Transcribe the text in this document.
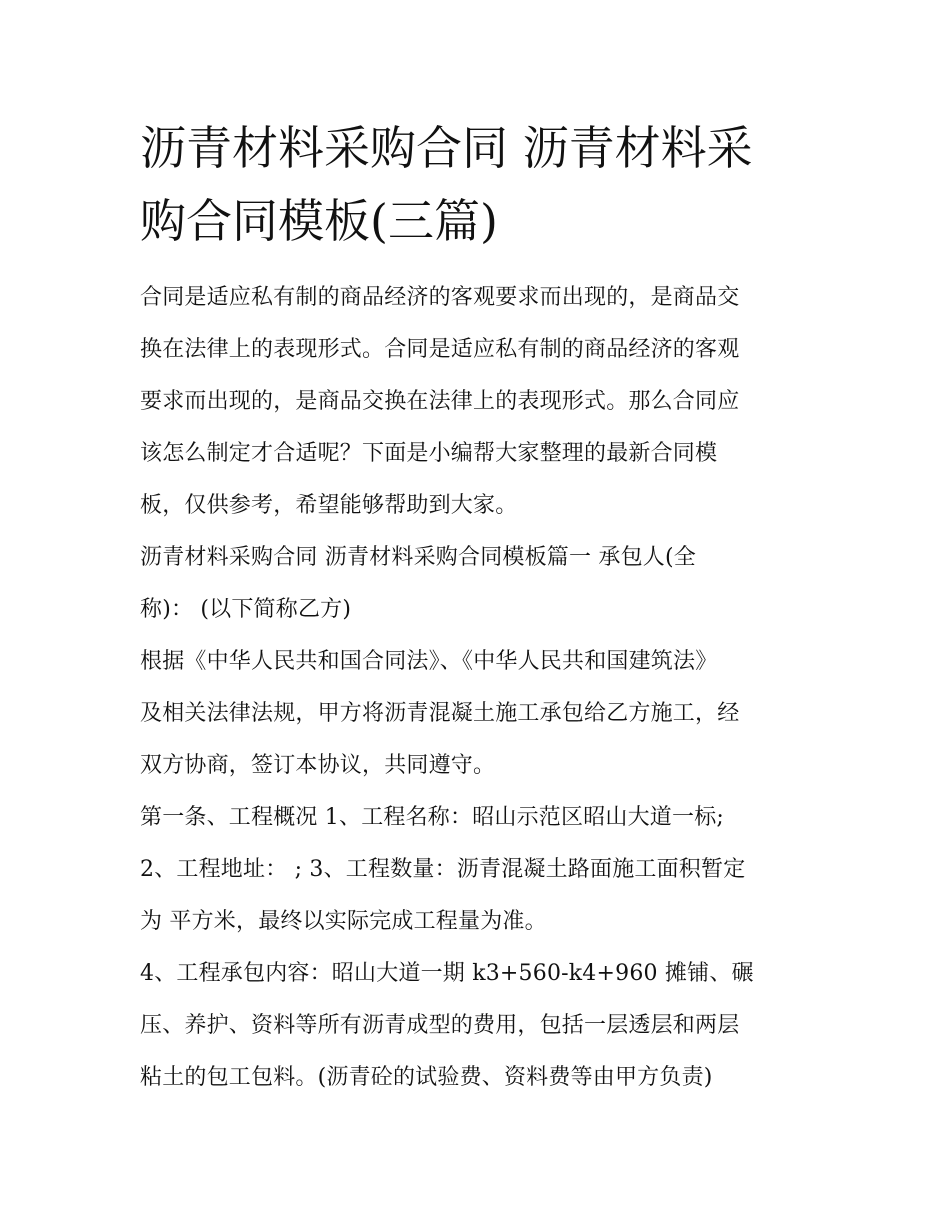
沥青材料采购合同 沥青材料采
购合同模板(三篇)

合同是适应私有制的商品经济的客观要求而出现的，是商品交
换在法律上的表现形式。合同是适应私有制的商品经济的客观
要求而出现的，是商品交换在法律上的表现形式。那么合同应
该怎么制定才合适呢？下面是小编帮大家整理的最新合同模
板，仅供参考，希望能够帮助到大家。

沥青材料采购合同 沥青材料采购合同模板篇一 承包人(全
称)： (以下简称乙方)

根据《中华人民共和国合同法》、《中华人民共和国建筑法》
及相关法律法规，甲方将沥青混凝土施工承包给乙方施工，经
双方协商，签订本协议，共同遵守。

第一条、工程概况 1、工程名称：昭山示范区昭山大道一标;
2、工程地址： ; 3、工程数量：沥青混凝土路面施工面积暂定
为 平方米，最终以实际完成工程量为准。

4、工程承包内容：昭山大道一期 k3+560-k4+960 摊铺、碾
压、养护、资料等所有沥青成型的费用，包括一层透层和两层
粘土的包工包料。(沥青砼的试验费、资料费等由甲方负责)
